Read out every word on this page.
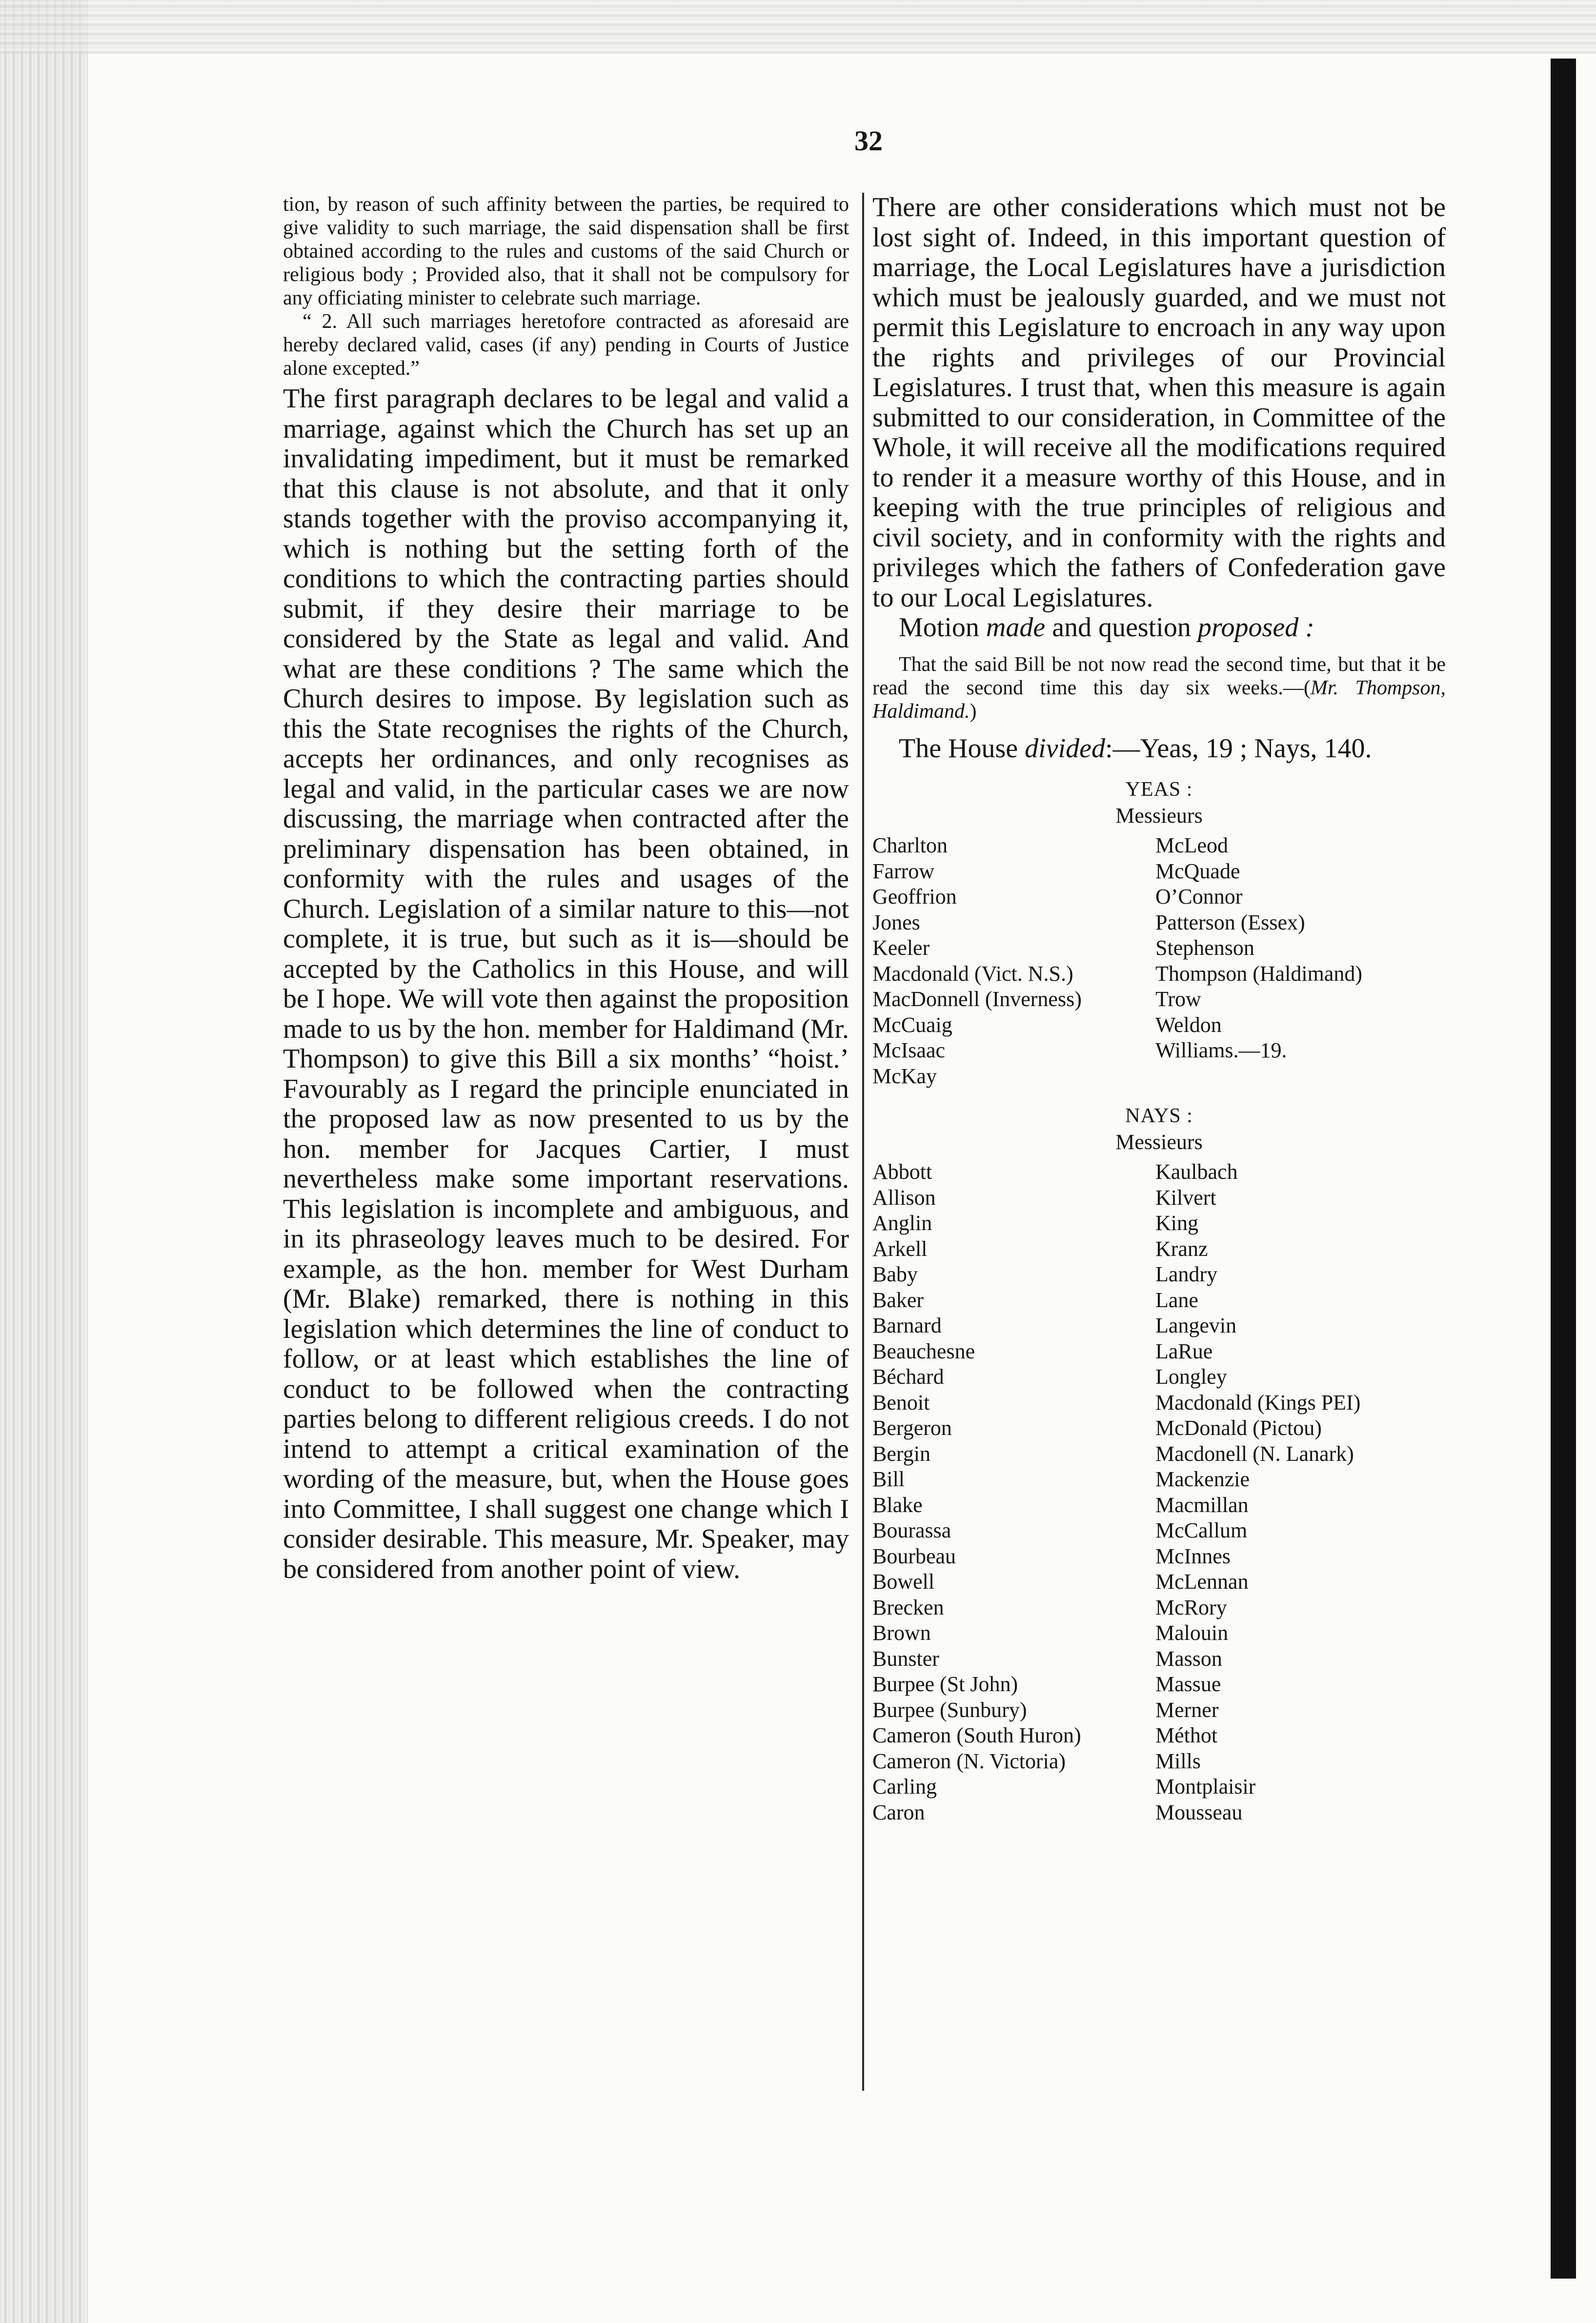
32

tion, by reason of such affinity between the parties, be required to give validity to such marriage, the said dispensation shall be first obtained according to the rules and customs of the said Church or religious body ; Provided also, that it shall not be compulsory for any officiating minister to celebrate such marriage.

“ 2. All such marriages heretofore contracted as aforesaid are hereby declared valid, cases (if any) pending in Courts of Justice alone excepted.”

The first paragraph declares to be legal and valid a marriage, against which the Church has set up an invalidating impediment, but it must be remarked that this clause is not absolute, and that it only stands together with the proviso accompanying it, which is nothing but the setting forth of the conditions to which the contracting parties should submit, if they desire their marriage to be considered by the State as legal and valid. And what are these conditions ? The same which the Church desires to impose. By legislation such as this the State recognises the rights of the Church, accepts her ordinances, and only recognises as legal and valid, in the particular cases we are now discussing, the marriage when contracted after the preliminary dispensation has been obtained, in conformity with the rules and usages of the Church. Legislation of a similar nature to this—not complete, it is true, but such as it is—should be accepted by the Catholics in this House, and will be I hope. We will vote then against the proposition made to us by the hon. member for Haldimand (Mr. Thompson) to give this Bill a six months’ “hoist.’ Favourably as I regard the principle enunciated in the proposed law as now presented to us by the hon. member for Jacques Cartier, I must nevertheless make some important reservations. This legislation is incomplete and ambiguous, and in its phraseology leaves much to be desired. For example, as the hon. member for West Durham (Mr. Blake) remarked, there is nothing in this legislation which determines the line of conduct to follow, or at least which establishes the line of conduct to be followed when the contracting parties belong to different religious creeds. I do not intend to attempt a critical examination of the wording of the measure, but, when the House goes into Committee, I shall suggest one change which I consider desirable. This measure, Mr. Speaker, may be considered from another point of view.

There are other considerations which must not be lost sight of. Indeed, in this important question of marriage, the Local Legislatures have a jurisdiction which must be jealously guarded, and we must not permit this Legislature to encroach in any way upon the rights and privileges of our Provincial Legislatures. I trust that, when this measure is again submitted to our consideration, in Committee of the Whole, it will receive all the modifications required to render it a measure worthy of this House, and in keeping with the true principles of religious and civil society, and in conformity with the rights and privileges which the fathers of Confederation gave to our Local Legislatures.

Motion made and question proposed :

That the said Bill be not now read the second time, but that it be read the second time this day six weeks.—(Mr. Thompson, Haldimand.)

The House divided:—Yeas, 19 ; Nays, 140.

YEAS :

Messieurs

Charlton
Farrow
Geoffrion
Jones
Keeler
Macdonald (Vict. N.S.)
MacDonnell (Inverness)
McCuaig
McIsaac
McKay
McLeod
McQuade
O’Connor
Patterson (Essex)
Stephenson
Thompson (Haldimand)
Trow
Weldon
Williams.—19.

NAYS :

Messieurs

Abbott
Allison
Anglin
Arkell
Baby
Baker
Barnard
Beauchesne
Béchard
Benoit
Bergeron
Bergin
Bill
Blake
Bourassa
Bourbeau
Bowell
Brecken
Brown
Bunster
Burpee (St John)
Burpee (Sunbury)
Cameron (South Huron)
Cameron (N. Victoria)
Carling
Caron
Kaulbach
Kilvert
King
Kranz
Landry
Lane
Langevin
LaRue
Longley
Macdonald (Kings PEI)
McDonald (Pictou)
Macdonell (N. Lanark)
Mackenzie
Macmillan
McCallum
McInnes
McLennan
McRory
Malouin
Masson
Massue
Merner
Méthot
Mills
Montplaisir
Mousseau
